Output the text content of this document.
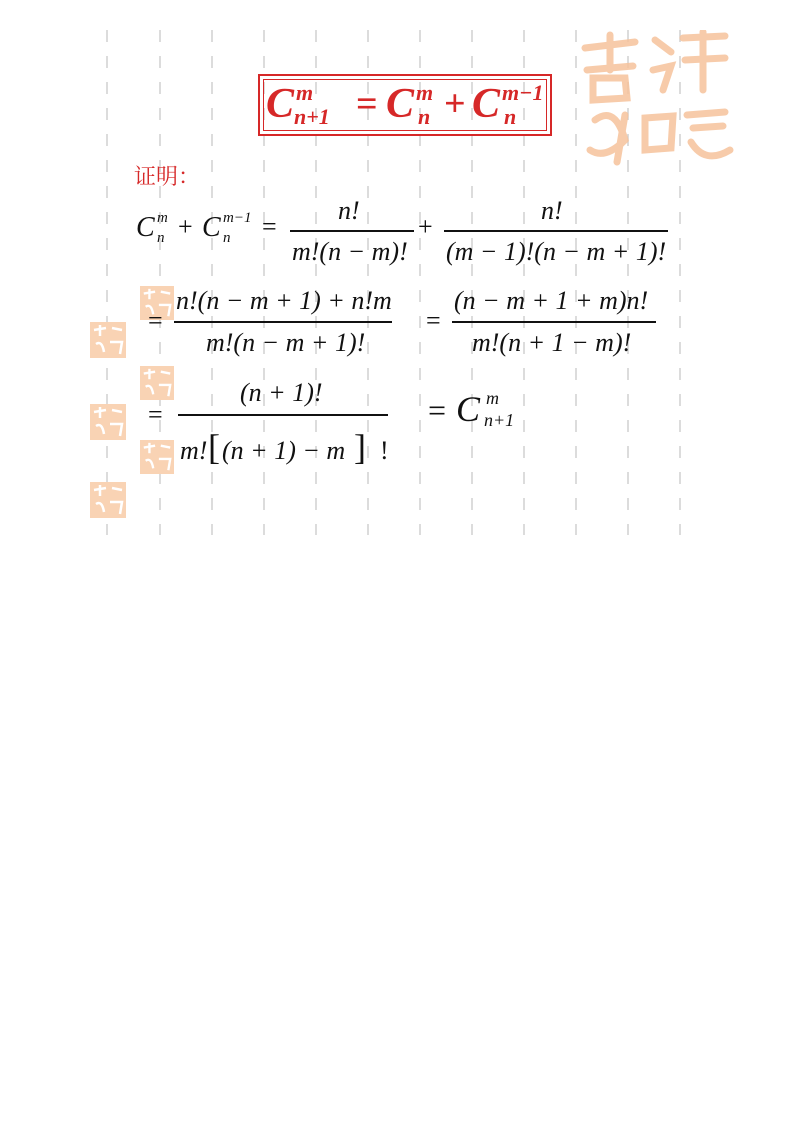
C m
n+1 = C m
n + C m−1
n
证明：
C m
n + C m−1
n =
n!
m!(n − m)!
+
n!
(m − 1)!(n − m + 1)!
=
n!(n − m + 1) + n!m
m!(n − m + 1)!
=
(n − m + 1 + m)n!
m!(n + 1 − m)!
=
(n + 1)!
m! [ (n + 1) − m ] !
= C m
n+1
